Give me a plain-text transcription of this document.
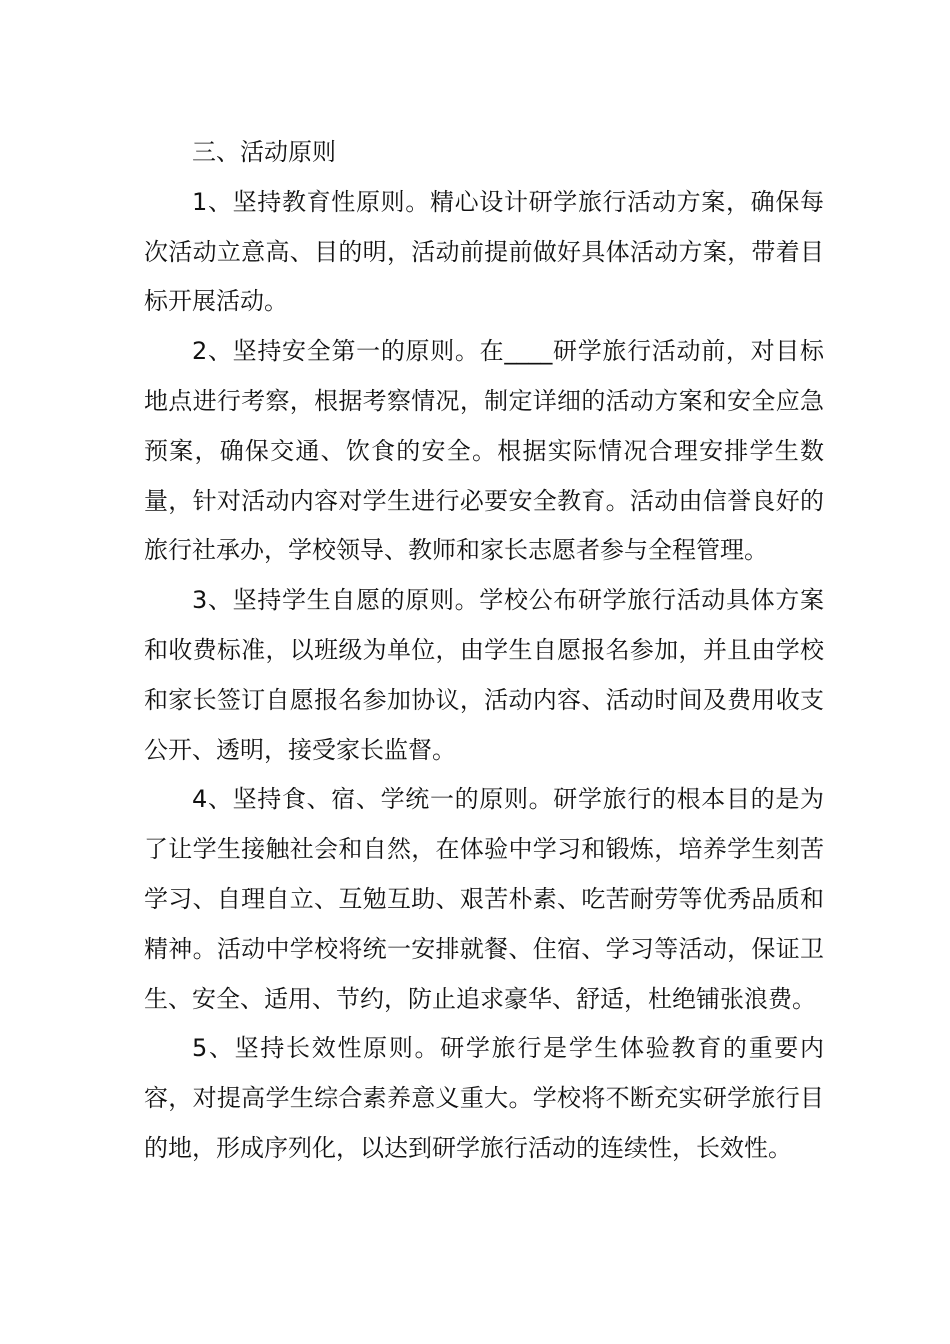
三、活动原则

1、坚持教育性原则。精心设计研学旅行活动方案，确保每次活动立意高、目的明，活动前提前做好具体活动方案，带着目标开展活动。

2、坚持安全第一的原则。在____研学旅行活动前，对目标地点进行考察，根据考察情况，制定详细的活动方案和安全应急预案，确保交通、饮食的安全。根据实际情况合理安排学生数量，针对活动内容对学生进行必要安全教育。活动由信誉良好的旅行社承办，学校领导、教师和家长志愿者参与全程管理。

3、坚持学生自愿的原则。学校公布研学旅行活动具体方案和收费标准，以班级为单位，由学生自愿报名参加，并且由学校和家长签订自愿报名参加协议，活动内容、活动时间及费用收支公开、透明，接受家长监督。

4、坚持食、宿、学统一的原则。研学旅行的根本目的是为了让学生接触社会和自然，在体验中学习和锻炼，培养学生刻苦学习、自理自立、互勉互助、艰苦朴素、吃苦耐劳等优秀品质和精神。活动中学校将统一安排就餐、住宿、学习等活动，保证卫生、安全、适用、节约，防止追求豪华、舒适，杜绝铺张浪费。

5、坚持长效性原则。研学旅行是学生体验教育的重要内容，对提高学生综合素养意义重大。学校将不断充实研学旅行目的地，形成序列化，以达到研学旅行活动的连续性，长效性。
